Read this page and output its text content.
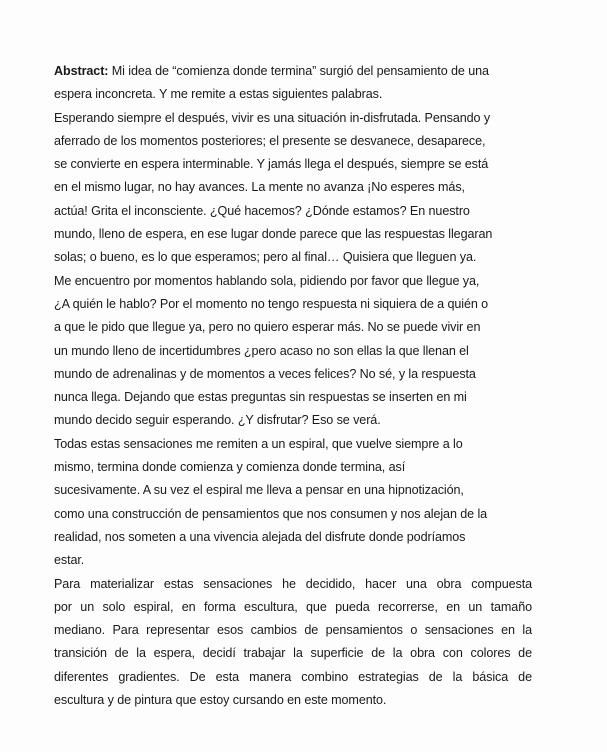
Abstract: Mi idea de “comienza donde termina” surgió del pensamiento de una
espera inconcreta. Y me remite a estas siguientes palabras.
Esperando siempre el después, vivir es una situación in-disfrutada. Pensando y
aferrado de los momentos posteriores; el presente se desvanece, desaparece,
se convierte en espera interminable. Y jamás llega el después, siempre se está
en el mismo lugar, no hay avances. La mente no avanza ¡No esperes más,
actúa! Grita el inconsciente. ¿Qué hacemos? ¿Dónde estamos? En nuestro
mundo, lleno de espera, en ese lugar donde parece que las respuestas llegaran
solas; o bueno, es lo que esperamos; pero al final… Quisiera que lleguen ya.
Me encuentro por momentos hablando sola, pidiendo por favor que llegue ya,
¿A quién le hablo? Por el momento no tengo respuesta ni siquiera de a quién o
a que le pido que llegue ya, pero no quiero esperar más. No se puede vivir en
un mundo lleno de incertidumbres ¿pero acaso no son ellas la que llenan el
mundo de adrenalinas y de momentos a veces felices? No sé, y la respuesta
nunca llega. Dejando que estas preguntas sin respuestas se inserten en mi
mundo decido seguir esperando. ¿Y disfrutar? Eso se verá.
Todas estas sensaciones me remiten a un espiral, que vuelve siempre a lo
mismo, termina donde comienza y comienza donde termina, así
sucesivamente. A su vez el espiral me lleva a pensar en una hipnotización,
como una construcción de pensamientos que nos consumen y nos alejan de la
realidad, nos someten a una vivencia alejada del disfrute donde podríamos
estar.
Para materializar estas sensaciones he decidido, hacer una obra compuesta
por un solo espiral, en forma escultura, que pueda recorrerse, en un tamaño
mediano. Para representar esos cambios de pensamientos o sensaciones en la
transición de la espera, decidí trabajar la superficie de la obra con colores de
diferentes gradientes. De esta manera combino estrategias de la básica de
escultura y de pintura que estoy cursando en este momento.
